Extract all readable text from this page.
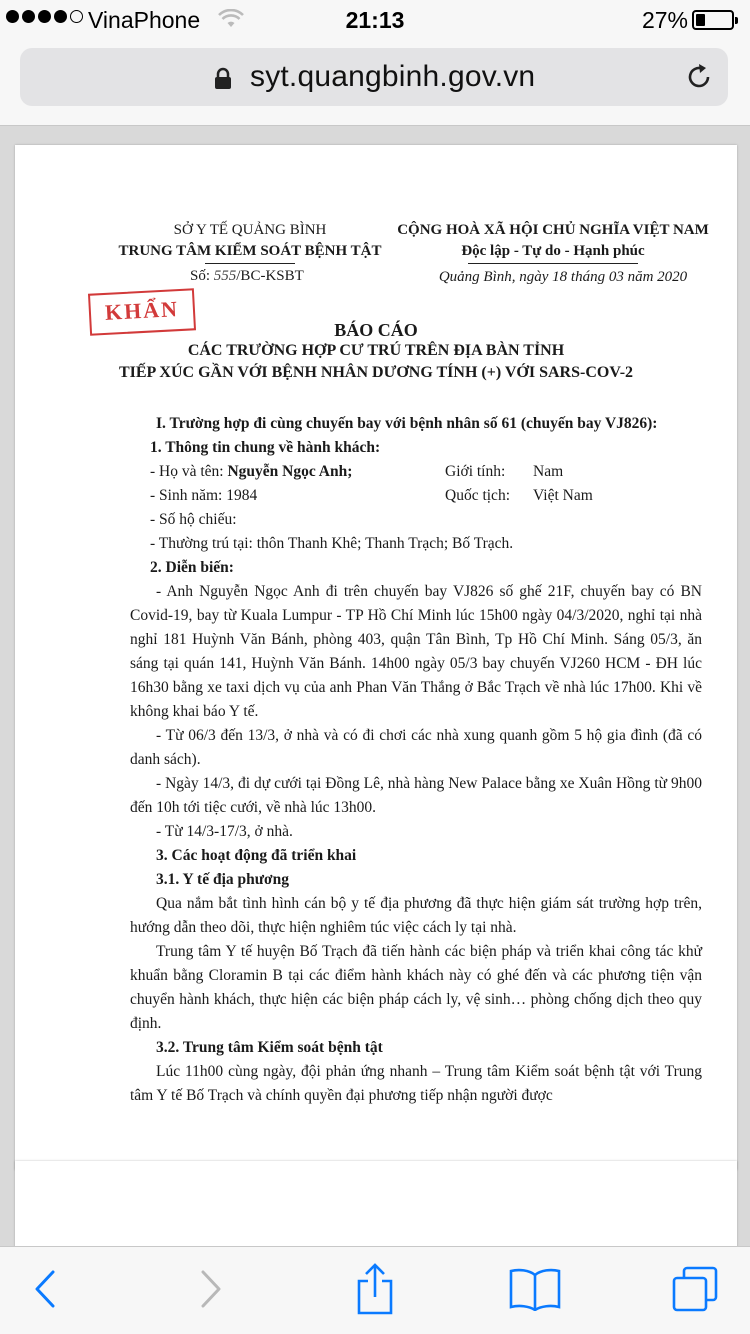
VinaPhone	21:13	27%
syt.quangbinh.gov.vn
SỞ Y TẾ QUẢNG BÌNH
TRUNG TÂM KIỂM SOÁT BỆNH TẬT
Số: 555/BC-KSBT
CỘNG HOÀ XÃ HỘI CHỦ NGHĨA VIỆT NAM
Độc lập - Tự do - Hạnh phúc
Quảng Bình, ngày 18 tháng 03 năm 2020
KHẨN
BÁO CÁO
CÁC TRƯỜNG HỢP CƯ TRÚ TRÊN ĐỊA BÀN TỈNH
TIẾP XÚC GẦN VỚI BỆNH NHÂN DƯƠNG TÍNH (+) VỚI SARS-COV-2

I. Trường hợp đi cùng chuyến bay với bệnh nhân số 61 (chuyến bay VJ826):

1. Thông tin chung về hành khách:

- Họ và tên: Nguyễn Ngọc Anh;	Giới tính:	Nam
- Sinh năm: 1984	Quốc tịch:	Việt Nam

- Số hộ chiếu:

- Thường trú tại: thôn Thanh Khê; Thanh Trạch; Bố Trạch.

2. Diễn biến:

- Anh Nguyễn Ngọc Anh đi trên chuyến bay VJ826 số ghế 21F, chuyến bay có BN Covid-19, bay từ Kuala Lumpur - TP Hồ Chí Minh lúc 15h00 ngày 04/3/2020, nghỉ tại nhà nghỉ 181 Huỳnh Văn Bánh, phòng 403, quận Tân Bình, Tp Hồ Chí Minh. Sáng 05/3, ăn sáng tại quán 141, Huỳnh Văn Bánh. 14h00 ngày 05/3 bay chuyến VJ260 HCM - ĐH lúc 16h30 bằng xe taxi dịch vụ của anh Phan Văn Thắng ở Bắc Trạch về nhà lúc 17h00. Khi về không khai báo Y tế.

- Từ 06/3 đến 13/3, ở nhà và có đi chơi các nhà xung quanh gồm 5 hộ gia đình (đã có danh sách).

- Ngày 14/3, đi dự cưới tại Đồng Lê, nhà hàng New Palace bằng xe Xuân Hồng từ 9h00 đến 10h tới tiệc cưới, về nhà lúc 13h00.

- Từ 14/3-17/3, ở nhà.

3. Các hoạt động đã triển khai

3.1. Y tế địa phương

Qua nắm bắt tình hình cán bộ y tế địa phương đã thực hiện giám sát trường hợp trên, hướng dẫn theo dõi, thực hiện nghiêm túc việc cách ly tại nhà.

Trung tâm Y tế huyện Bố Trạch đã tiến hành các biện pháp và triển khai công tác khử khuẩn bằng Cloramin B tại các điểm hành khách này có ghé đến và các phương tiện vận chuyển hành khách, thực hiện các biện pháp cách ly, vệ sinh… phòng chống dịch theo quy định.

3.2. Trung tâm Kiểm soát bệnh tật

Lúc 11h00 cùng ngày, đội phản ứng nhanh – Trung tâm Kiểm soát bệnh tật với Trung tâm Y tế Bố Trạch và chính quyền đại phương tiếp nhận người được
